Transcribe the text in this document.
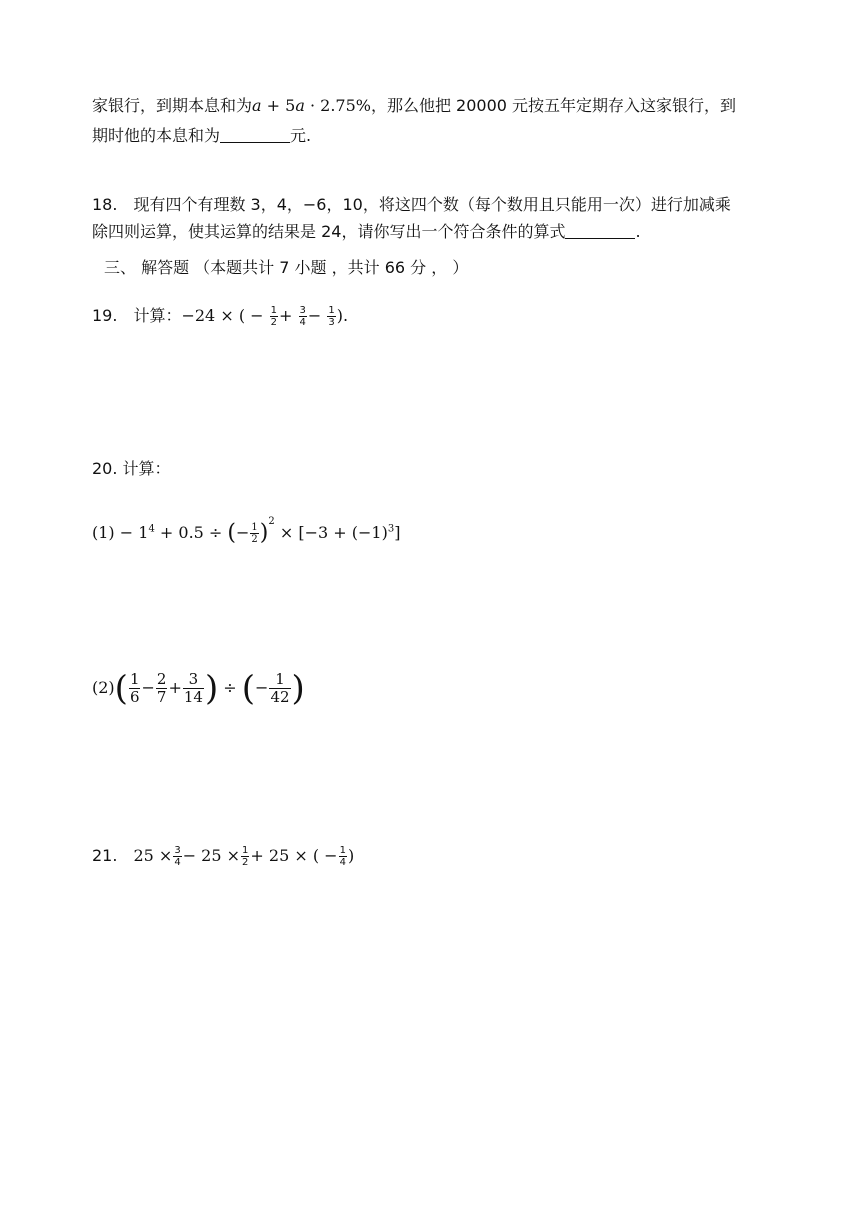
家银行，到期本息和为a + 5a · 2.75%，那么他把 20000 元按五年定期存入这家银行，到
期时他的本息和为	元.
18. 现有四个有理数 3，4，−6，10，将这四个数（每个数用且只能用一次）进行加减乘
除四则运算，使其运算的结果是 24，请你写出一个符合条件的算式	.
三、 解答题 （本题共计 7 小题 ，共计 66 分 ， ）
19. 计算：−24 × ( − $\frac{1}{2} + \frac{3}{4} - \frac{1}{3}$ ).
20. 计算：
$(1) - 1^4 + 0.5$ ÷ (− $\frac{1}{2} )^2 \times [-3 + (-1)^3]$
$(2)( \frac{1}{6} - \frac{2}{7} + \frac{3}{14}$ ) ÷ (− $\frac{1}{42}$ )
21. $25 \times \frac{3}{4} - 25 \times \frac{1}{2} + 25$ × ( − $\frac{1}{4}$ )
